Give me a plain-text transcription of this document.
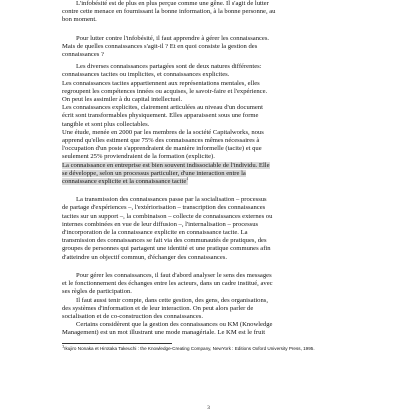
L'infobésité est de plus en plus perçue comme une gêne. Il s'agit de lutter
contre cette menace en fournissant la bonne information, à la bonne personne, au
bon moment.
Pour lutter contre l'infobésité, il faut apprendre à gérer les connaissances.
Mais de quelles connaissances s'agit-il ? Et en quoi consiste la gestion des
connaissances ?
Les diverses connaissances partagées sont de deux natures différentes:
connaissances tacites ou implicites, et connaissances explicites.
Les connaissances tacites appartiennent aux représentations mentales, elles
regroupent les compétences innées ou acquises, le savoir-faire et l'expérience.
On peut les assimiler à du capital intellectuel.
Les connaissances explicites, clairement articulées au niveau d'un document
écrit sont transformables physiquement. Elles apparaissent sous une forme
tangible et sont plus collectables.
Une étude, menée en 2000 par les membres de la société Capitalworks, nous
apprend qu'elles estiment que 75% des connaissances mêmes nécessaires à
l'occupation d'un poste s'apprendraient de manière informelle (tacite) et que
seulement 25% proviendraient de la formation (explicite).
La connaissance en entreprise est bien souvent indissociable de l'individu. Elle
se développe, selon un processus particulier, d'une interaction entre la
connaissance explicite et la connaissance tacite$^1$
La transmission des connaissances passe par la socialisation – processus
de partage d'expériences –, l'extériorisation – transcription des connaissances
tacites sur un support –, la combinaison – collecte de connaissances externes ou
internes combinées en vue de leur diffusion –, l'internalisation – processus
d'incorporation de la connaissance explicite en connaissance tacite. La
transmission des connaissances se fait via des communautés de pratiques, des
groupes de personnes qui partagent une identité et une pratique communes afin
d'atteindre un objectif commun, d'échanger des connaissances.
Pour gérer les connaissances, il faut d'abord analyser le sens des messages
et le fonctionnement des échanges entre les acteurs, dans un cadre institué, avec
ses règles de participation.
Il faut aussi tenir compte, dans cette gestion, des gens, des organisations,
des systèmes d'information et de leur interaction. On peut alors parler de
socialisation et de co-construction des connaissances.
Certains considèrent que la gestion des connaissances ou KM (Knowledge
Management) est un mot illustrant une mode managériale. Le KM est le fruit

$^1$Ikujiro Nonaka et Hirotaka Takeuchi : the Knowledge-Creating Company, NewYork : Editions Oxford University Press, 1995.

3
